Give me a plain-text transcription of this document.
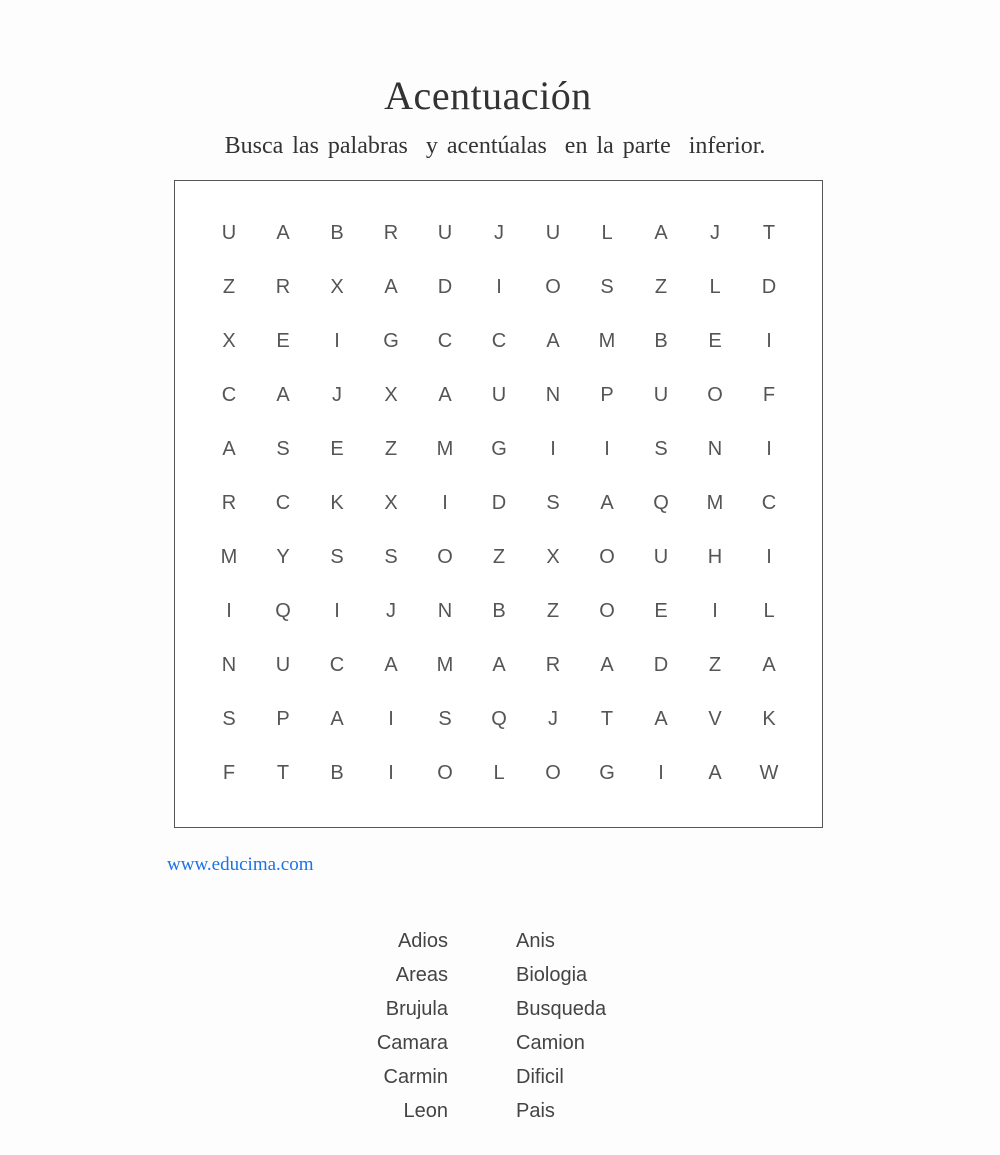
Acentuación
Busca las palabras  y acentúalas  en la parte  inferior.
U	A	B	R	U	J	U	L	A	J	T
Z	R	X	A	D	I	O	S	Z	L	D
X	E	I	G	C	C	A	M	B	E	I
C	A	J	X	A	U	N	P	U	O	F
A	S	E	Z	M	G	I	I	S	N	I
R	C	K	X	I	D	S	A	Q	M	C
M	Y	S	S	O	Z	X	O	U	H	I
I	Q	I	J	N	B	Z	O	E	I	L
N	U	C	A	M	A	R	A	D	Z	A
S	P	A	I	S	Q	J	T	A	V	K
F	T	B	I	O	L	O	G	I	A	W
www.educima.com
Adios
Areas
Brujula
Camara
Carmin
Leon
Anis
Biologia
Busqueda
Camion
Dificil
Pais
